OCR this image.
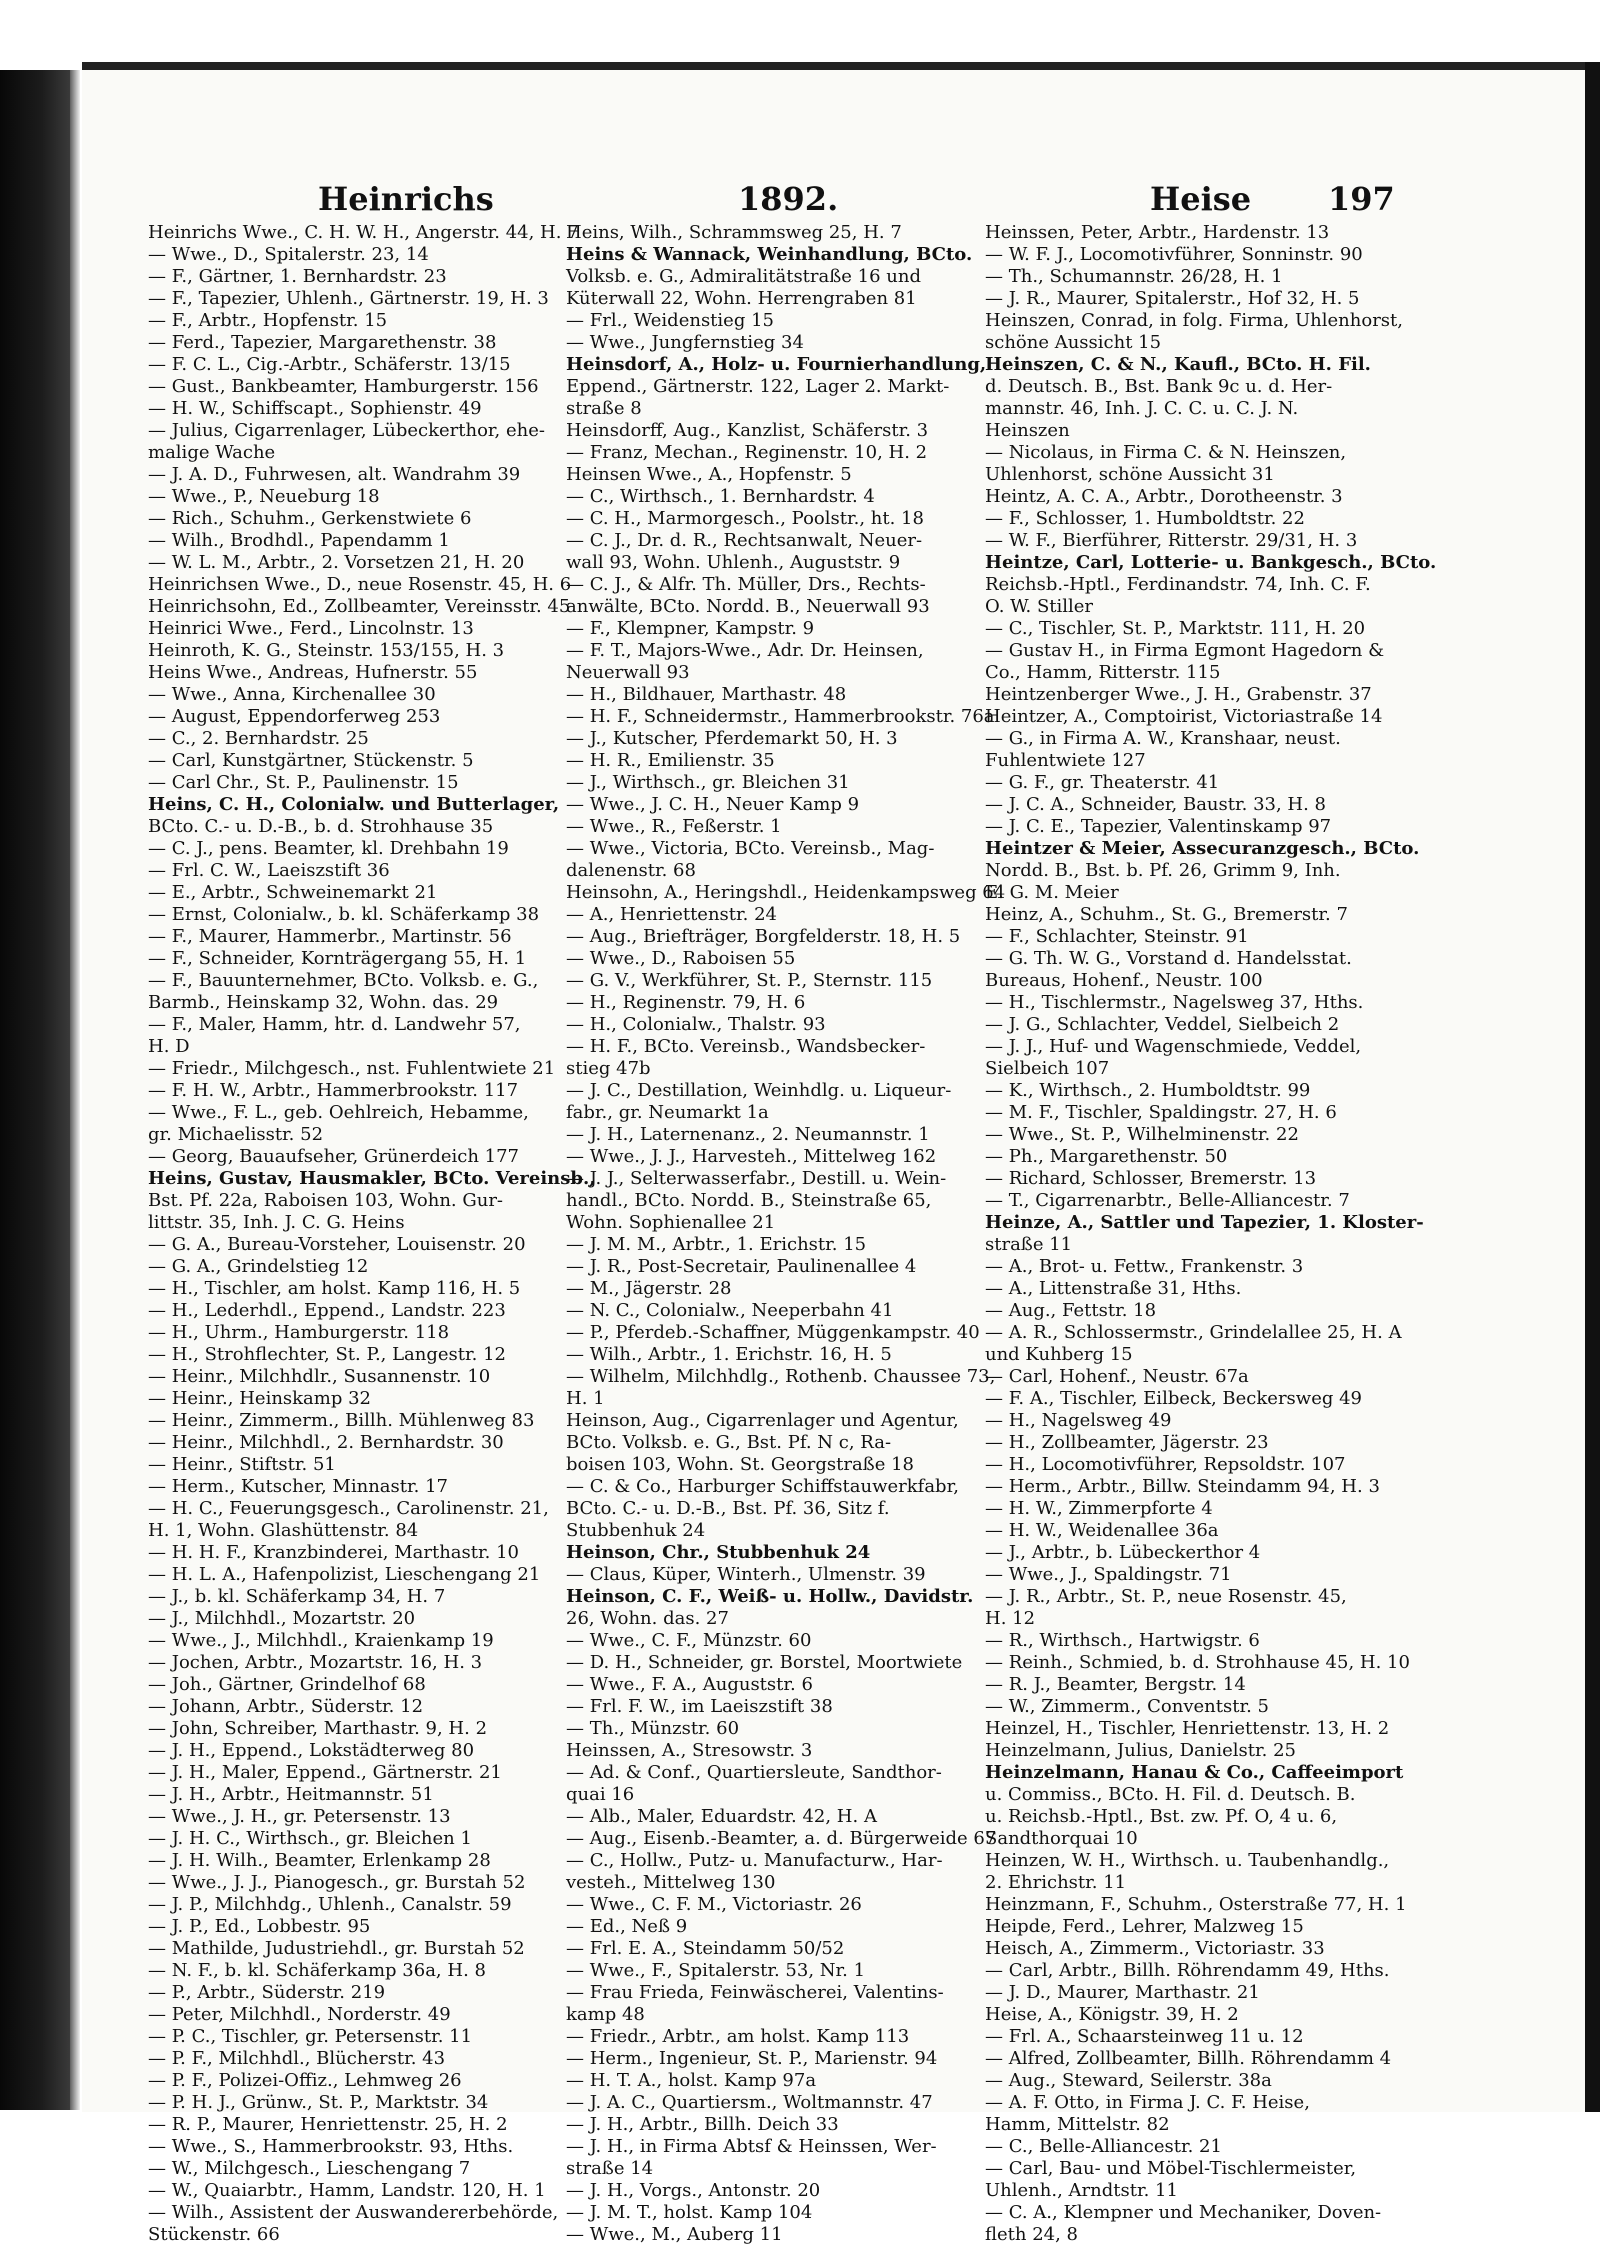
Heinrichs	1892.	Heise 197
Heinrichs Wwe., C. H. W. H., Angerstr. 44, H. 7
— Wwe., D., Spitalerstr. 23, 14
— F., Gärtner, 1. Bernhardstr. 23
— F., Tapezier, Uhlenh., Gärtnerstr. 19, H. 3
— F., Arbtr., Hopfenstr. 15
— Ferd., Tapezier, Margarethenstr. 38
— F. C. L., Cig.-Arbtr., Schäferstr. 13/15
— Gust., Bankbeamter, Hamburgerstr. 156
— H. W., Schiffscapt., Sophienstr. 49
— Julius, Cigarrenlager, Lübeckerthor, ehe-
malige Wache
— J. A. D., Fuhrwesen, alt. Wandrahm 39
— Wwe., P., Neueburg 18
— Rich., Schuhm., Gerkenstwiete 6
— Wilh., Brodhdl., Papendamm 1
— W. L. M., Arbtr., 2. Vorsetzen 21, H. 20
Heinrichsen Wwe., D., neue Rosenstr. 45, H. 6
Heinrichsohn, Ed., Zollbeamter, Vereinsstr. 45
Heinrici Wwe., Ferd., Lincolnstr. 13
Heinroth, K. G., Steinstr. 153/155, H. 3
Heins Wwe., Andreas, Hufnerstr. 55
— Wwe., Anna, Kirchenallee 30
— August, Eppendorferweg 253
— C., 2. Bernhardstr. 25
— Carl, Kunstgärtner, Stückenstr. 5
— Carl Chr., St. P., Paulinenstr. 15
Heins, C. H., Colonialw. und Butterlager,
BCto. C.- u. D.-B., b. d. Strohhause 35
— C. J., pens. Beamter, kl. Drehbahn 19
— Frl. C. W., Laeiszstift 36
— E., Arbtr., Schweinemarkt 21
— Ernst, Colonialw., b. kl. Schäferkamp 38
— F., Maurer, Hammerbr., Martinstr. 56
— F., Schneider, Kornträgergang 55, H. 1
— F., Bauunternehmer, BCto. Volksb. e. G.,
Barmb., Heinskamp 32, Wohn. das. 29
— F., Maler, Hamm, htr. d. Landwehr 57,
H. D
— Friedr., Milchgesch., nst. Fuhlentwiete 21
— F. H. W., Arbtr., Hammerbrookstr. 117
— Wwe., F. L., geb. Oehlreich, Hebamme,
gr. Michaelisstr. 52
— Georg, Bauaufseher, Grünerdeich 177
Heins, Gustav, Hausmakler, BCto. Vereinsb.,
Bst. Pf. 22a, Raboisen 103, Wohn. Gur-
littstr. 35, Inh. J. C. G. Heins
— G. A., Bureau-Vorsteher, Louisenstr. 20
— G. A., Grindelstieg 12
— H., Tischler, am holst. Kamp 116, H. 5
— H., Lederhdl., Eppend., Landstr. 223
— H., Uhrm., Hamburgerstr. 118
— H., Strohflechter, St. P., Langestr. 12
— Heinr., Milchhdlr., Susannenstr. 10
— Heinr., Heinskamp 32
— Heinr., Zimmerm., Billh. Mühlenweg 83
— Heinr., Milchhdl., 2. Bernhardstr. 30
— Heinr., Stiftstr. 51
— Herm., Kutscher, Minnastr. 17
— H. C., Feuerungsgesch., Carolinenstr. 21,
H. 1, Wohn. Glashüttenstr. 84
— H. H. F., Kranzbinderei, Marthastr. 10
— H. L. A., Hafenpolizist, Lieschengang 21
— J., b. kl. Schäferkamp 34, H. 7
— J., Milchhdl., Mozartstr. 20
— Wwe., J., Milchhdl., Kraienkamp 19
— Jochen, Arbtr., Mozartstr. 16, H. 3
— Joh., Gärtner, Grindelhof 68
— Johann, Arbtr., Süderstr. 12
— John, Schreiber, Marthastr. 9, H. 2
— J. H., Eppend., Lokstädterweg 80
— J. H., Maler, Eppend., Gärtnerstr. 21
— J. H., Arbtr., Heitmannstr. 51
— Wwe., J. H., gr. Petersenstr. 13
— J. H. C., Wirthsch., gr. Bleichen 1
— J. H. Wilh., Beamter, Erlenkamp 28
— Wwe., J. J., Pianogesch., gr. Burstah 52
— J. P., Milchhdg., Uhlenh., Canalstr. 59
— J. P., Ed., Lobbestr. 95
— Mathilde, Judustriehdl., gr. Burstah 52
— N. F., b. kl. Schäferkamp 36a, H. 8
— P., Arbtr., Süderstr. 219
— Peter, Milchhdl., Norderstr. 49
— P. C., Tischler, gr. Petersenstr. 11
— P. F., Milchhdl., Blücherstr. 43
— P. F., Polizei-Offiz., Lehmweg 26
— P. H. J., Grünw., St. P., Marktstr. 34
— R. P., Maurer, Henriettenstr. 25, H. 2
— Wwe., S., Hammerbrookstr. 93, Hths.
— W., Milchgesch., Lieschengang 7
— W., Quaiarbtr., Hamm, Landstr. 120, H. 1
— Wilh., Assistent der Auswandererbehörde,
Stückenstr. 66
Heins, Wilh., Schrammsweg 25, H. 7
Heins & Wannack, Weinhandlung, BCto.
Volksb. e. G., Admiralitätstraße 16 und
Küterwall 22, Wohn. Herrengraben 81
— Frl., Weidenstieg 15
— Wwe., Jungfernstieg 34
Heinsdorf, A., Holz- u. Fournierhandlung,
Eppend., Gärtnerstr. 122, Lager 2. Markt-
straße 8
Heinsdorff, Aug., Kanzlist, Schäferstr. 3
— Franz, Mechan., Reginenstr. 10, H. 2
Heinsen Wwe., A., Hopfenstr. 5
— C., Wirthsch., 1. Bernhardstr. 4
— C. H., Marmorgesch., Poolstr., ht. 18
— C. J., Dr. d. R., Rechtsanwalt, Neuer-
wall 93, Wohn. Uhlenh., Auguststr. 9
— C. J., & Alfr. Th. Müller, Drs., Rechts-
anwälte, BCto. Nordd. B., Neuerwall 93
— F., Klempner, Kampstr. 9
— F. T., Majors-Wwe., Adr. Dr. Heinsen,
Neuerwall 93
— H., Bildhauer, Marthastr. 48
— H. F., Schneidermstr., Hammerbrookstr. 76a
— J., Kutscher, Pferdemarkt 50, H. 3
— H. R., Emilienstr. 35
— J., Wirthsch., gr. Bleichen 31
— Wwe., J. C. H., Neuer Kamp 9
— Wwe., R., Feßerstr. 1
— Wwe., Victoria, BCto. Vereinsb., Mag-
dalenenstr. 68
Heinsohn, A., Heringshdl., Heidenkampsweg 64
— A., Henriettenstr. 24
— Aug., Briefträger, Borgfelderstr. 18, H. 5
— Wwe., D., Raboisen 55
— G. V., Werkführer, St. P., Sternstr. 115
— H., Reginenstr. 79, H. 6
— H., Colonialw., Thalstr. 93
— H. F., BCto. Vereinsb., Wandsbecker-
stieg 47b
— J. C., Destillation, Weinhdlg. u. Liqueur-
fabr., gr. Neumarkt 1a
— J. H., Laternenanz., 2. Neumannstr. 1
— Wwe., J. J., Harvesteh., Mittelweg 162
— J. J., Selterwasserfabr., Destill. u. Wein-
handl., BCto. Nordd. B., Steinstraße 65,
Wohn. Sophienallee 21
— J. M. M., Arbtr., 1. Erichstr. 15
— J. R., Post-Secretair, Paulinenallee 4
— M., Jägerstr. 28
— N. C., Colonialw., Neeperbahn 41
— P., Pferdeb.-Schaffner, Müggenkampstr. 40
— Wilh., Arbtr., 1. Erichstr. 16, H. 5
— Wilhelm, Milchhdlg., Rothenb. Chaussee 73,
H. 1
Heinson, Aug., Cigarrenlager und Agentur,
BCto. Volksb. e. G., Bst. Pf. N c, Ra-
boisen 103, Wohn. St. Georgstraße 18
— C. & Co., Harburger Schiffstauwerkfabr,
BCto. C.- u. D.-B., Bst. Pf. 36, Sitz f.
Stubbenhuk 24
Heinson, Chr., Stubbenhuk 24
— Claus, Küper, Winterh., Ulmenstr. 39
Heinson, C. F., Weiß- u. Hollw., Davidstr.
26, Wohn. das. 27
— Wwe., C. F., Münzstr. 60
— D. H., Schneider, gr. Borstel, Moortwiete
— Wwe., F. A., Auguststr. 6
— Frl. F. W., im Laeiszstift 38
— Th., Münzstr. 60
Heinssen, A., Stresowstr. 3
— Ad. & Conf., Quartiersleute, Sandthor-
quai 16
— Alb., Maler, Eduardstr. 42, H. A
— Aug., Eisenb.-Beamter, a. d. Bürgerweide 67
— C., Hollw., Putz- u. Manufacturw., Har-
vesteh., Mittelweg 130
— Wwe., C. F. M., Victoriastr. 26
— Ed., Neß 9
— Frl. E. A., Steindamm 50/52
— Wwe., F., Spitalerstr. 53, Nr. 1
— Frau Frieda, Feinwäscherei, Valentins-
kamp 48
— Friedr., Arbtr., am holst. Kamp 113
— Herm., Ingenieur, St. P., Marienstr. 94
— H. T. A., holst. Kamp 97a
— J. A. C., Quartiersm., Woltmannstr. 47
— J. H., Arbtr., Billh. Deich 33
— J. H., in Firma Abtsf & Heinssen, Wer-
straße 14
— J. H., Vorgs., Antonstr. 20
— J. M. T., holst. Kamp 104
— Wwe., M., Auberg 11
Heinssen, Peter, Arbtr., Hardenstr. 13
— W. F. J., Locomotivführer, Sonninstr. 90
— Th., Schumannstr. 26/28, H. 1
— J. R., Maurer, Spitalerstr., Hof 32, H. 5
Heinszen, Conrad, in folg. Firma, Uhlenhorst,
schöne Aussicht 15
Heinszen, C. & N., Kaufl., BCto. H. Fil.
d. Deutsch. B., Bst. Bank 9c u. d. Her-
mannstr. 46, Inh. J. C. C. u. C. J. N.
Heinszen
— Nicolaus, in Firma C. & N. Heinszen,
Uhlenhorst, schöne Aussicht 31
Heintz, A. C. A., Arbtr., Dorotheenstr. 3
— F., Schlosser, 1. Humboldtstr. 22
— W. F., Bierführer, Ritterstr. 29/31, H. 3
Heintze, Carl, Lotterie- u. Bankgesch., BCto.
Reichsb.-Hptl., Ferdinandstr. 74, Inh. C. F.
O. W. Stiller
— C., Tischler, St. P., Marktstr. 111, H. 20
— Gustav H., in Firma Egmont Hagedorn &
Co., Hamm, Ritterstr. 115
Heintzenberger Wwe., J. H., Grabenstr. 37
Heintzer, A., Comptoirist, Victoriastraße 14
— G., in Firma A. W., Kranshaar, neust.
Fuhlentwiete 127
— G. F., gr. Theaterstr. 41
— J. C. A., Schneider, Baustr. 33, H. 8
— J. C. E., Tapezier, Valentinskamp 97
Heintzer & Meier, Assecuranzgesch., BCto.
Nordd. B., Bst. b. Pf. 26, Grimm 9, Inh.
E. G. M. Meier
Heinz, A., Schuhm., St. G., Bremerstr. 7
— F., Schlachter, Steinstr. 91
— G. Th. W. G., Vorstand d. Handelsstat.
Bureaus, Hohenf., Neustr. 100
— H., Tischlermstr., Nagelsweg 37, Hths.
— J. G., Schlachter, Veddel, Sielbeich 2
— J. J., Huf- und Wagenschmiede, Veddel,
Sielbeich 107
— K., Wirthsch., 2. Humboldtstr. 99
— M. F., Tischler, Spaldingstr. 27, H. 6
— Wwe., St. P., Wilhelminenstr. 22
— Ph., Margarethenstr. 50
— Richard, Schlosser, Bremerstr. 13
— T., Cigarrenarbtr., Belle-Alliancestr. 7
Heinze, A., Sattler und Tapezier, 1. Kloster-
straße 11
— A., Brot- u. Fettw., Frankenstr. 3
— A., Littenstraße 31, Hths.
— Aug., Fettstr. 18
— A. R., Schlossermstr., Grindelallee 25, H. A
und Kuhberg 15
— Carl, Hohenf., Neustr. 67a
— F. A., Tischler, Eilbeck, Beckersweg 49
— H., Nagelsweg 49
— H., Zollbeamter, Jägerstr. 23
— H., Locomotivführer, Repsoldstr. 107
— Herm., Arbtr., Billw. Steindamm 94, H. 3
— H. W., Zimmerpforte 4
— H. W., Weidenallee 36a
— J., Arbtr., b. Lübeckerthor 4
— Wwe., J., Spaldingstr. 71
— J. R., Arbtr., St. P., neue Rosenstr. 45,
H. 12
— R., Wirthsch., Hartwigstr. 6
— Reinh., Schmied, b. d. Strohhause 45, H. 10
— R. J., Beamter, Bergstr. 14
— W., Zimmerm., Conventstr. 5
Heinzel, H., Tischler, Henriettenstr. 13, H. 2
Heinzelmann, Julius, Danielstr. 25
Heinzelmann, Hanau & Co., Caffeeimport
u. Commiss., BCto. H. Fil. d. Deutsch. B.
u. Reichsb.-Hptl., Bst. zw. Pf. O, 4 u. 6,
Sandthorquai 10
Heinzen, W. H., Wirthsch. u. Taubenhandlg.,
2. Ehrichstr. 11
Heinzmann, F., Schuhm., Osterstraße 77, H. 1
Heipde, Ferd., Lehrer, Malzweg 15
Heisch, A., Zimmerm., Victoriastr. 33
— Carl, Arbtr., Billh. Röhrendamm 49, Hths.
— J. D., Maurer, Marthastr. 21
Heise, A., Königstr. 39, H. 2
— Frl. A., Schaarsteinweg 11 u. 12
— Alfred, Zollbeamter, Billh. Röhrendamm 4
— Aug., Steward, Seilerstr. 38a
— A. F. Otto, in Firma J. C. F. Heise,
Hamm, Mittelstr. 82
— C., Belle-Alliancestr. 21
— Carl, Bau- und Möbel-Tischlermeister,
Uhlenh., Arndtstr. 11
— C. A., Klempner und Mechaniker, Doven-
fleth 24, 8
